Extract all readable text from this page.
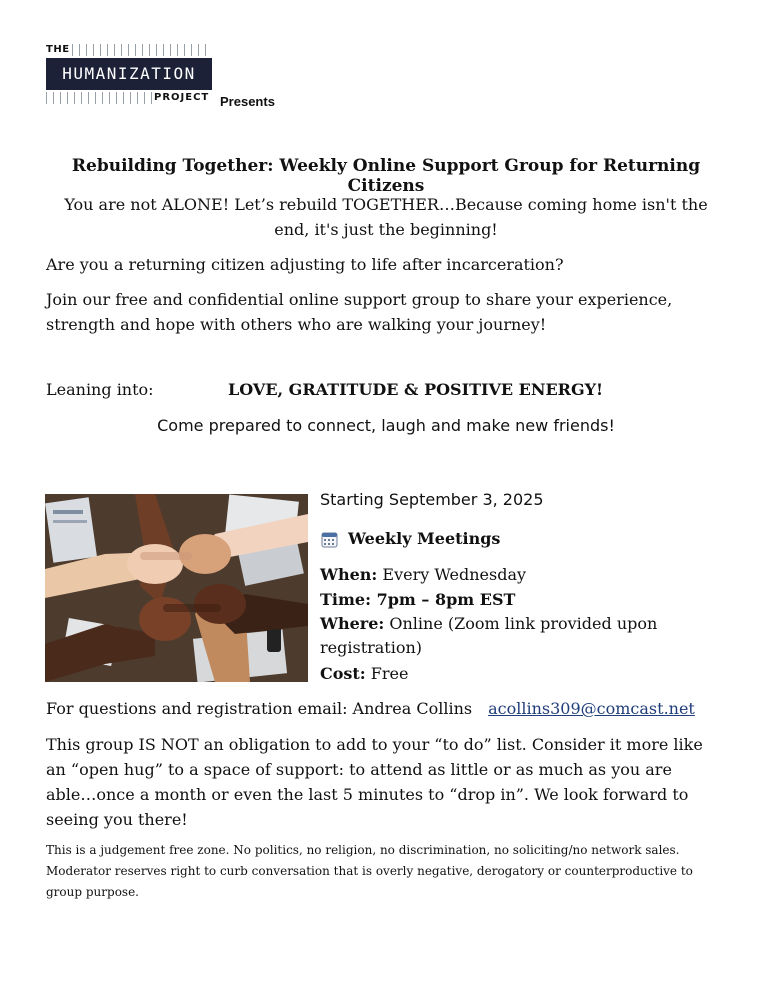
THE
HUMANIZATION
PROJECT Presents
Rebuilding Together: Weekly Online Support Group for Returning Citizens
You are not ALONE! Let’s rebuild TOGETHER…Because coming home isn't the end, it's just the beginning!
Are you a returning citizen adjusting to life after incarceration?
Join our free and confidential online support group to share your experience, strength and hope with others who are walking your journey!
Leaning into:	LOVE, GRATITUDE & POSITIVE ENERGY!
Come prepared to connect, laugh and make new friends!
Starting September 3, 2025
Weekly Meetings
When: Every Wednesday
Time: 7pm – 8pm EST
Where: Online (Zoom link provided upon registration)
Cost: Free
For questions and registration email: Andrea Collins acollins309@comcast.net
This group IS NOT an obligation to add to your “to do” list. Consider it more like an “open hug” to a space of support: to attend as little or as much as you are able…once a month or even the last 5 minutes to “drop in”. We look forward to seeing you there!
This is a judgement free zone. No politics, no religion, no discrimination, no soliciting/no network sales. Moderator reserves right to curb conversation that is overly negative, derogatory or counterproductive to group purpose.
